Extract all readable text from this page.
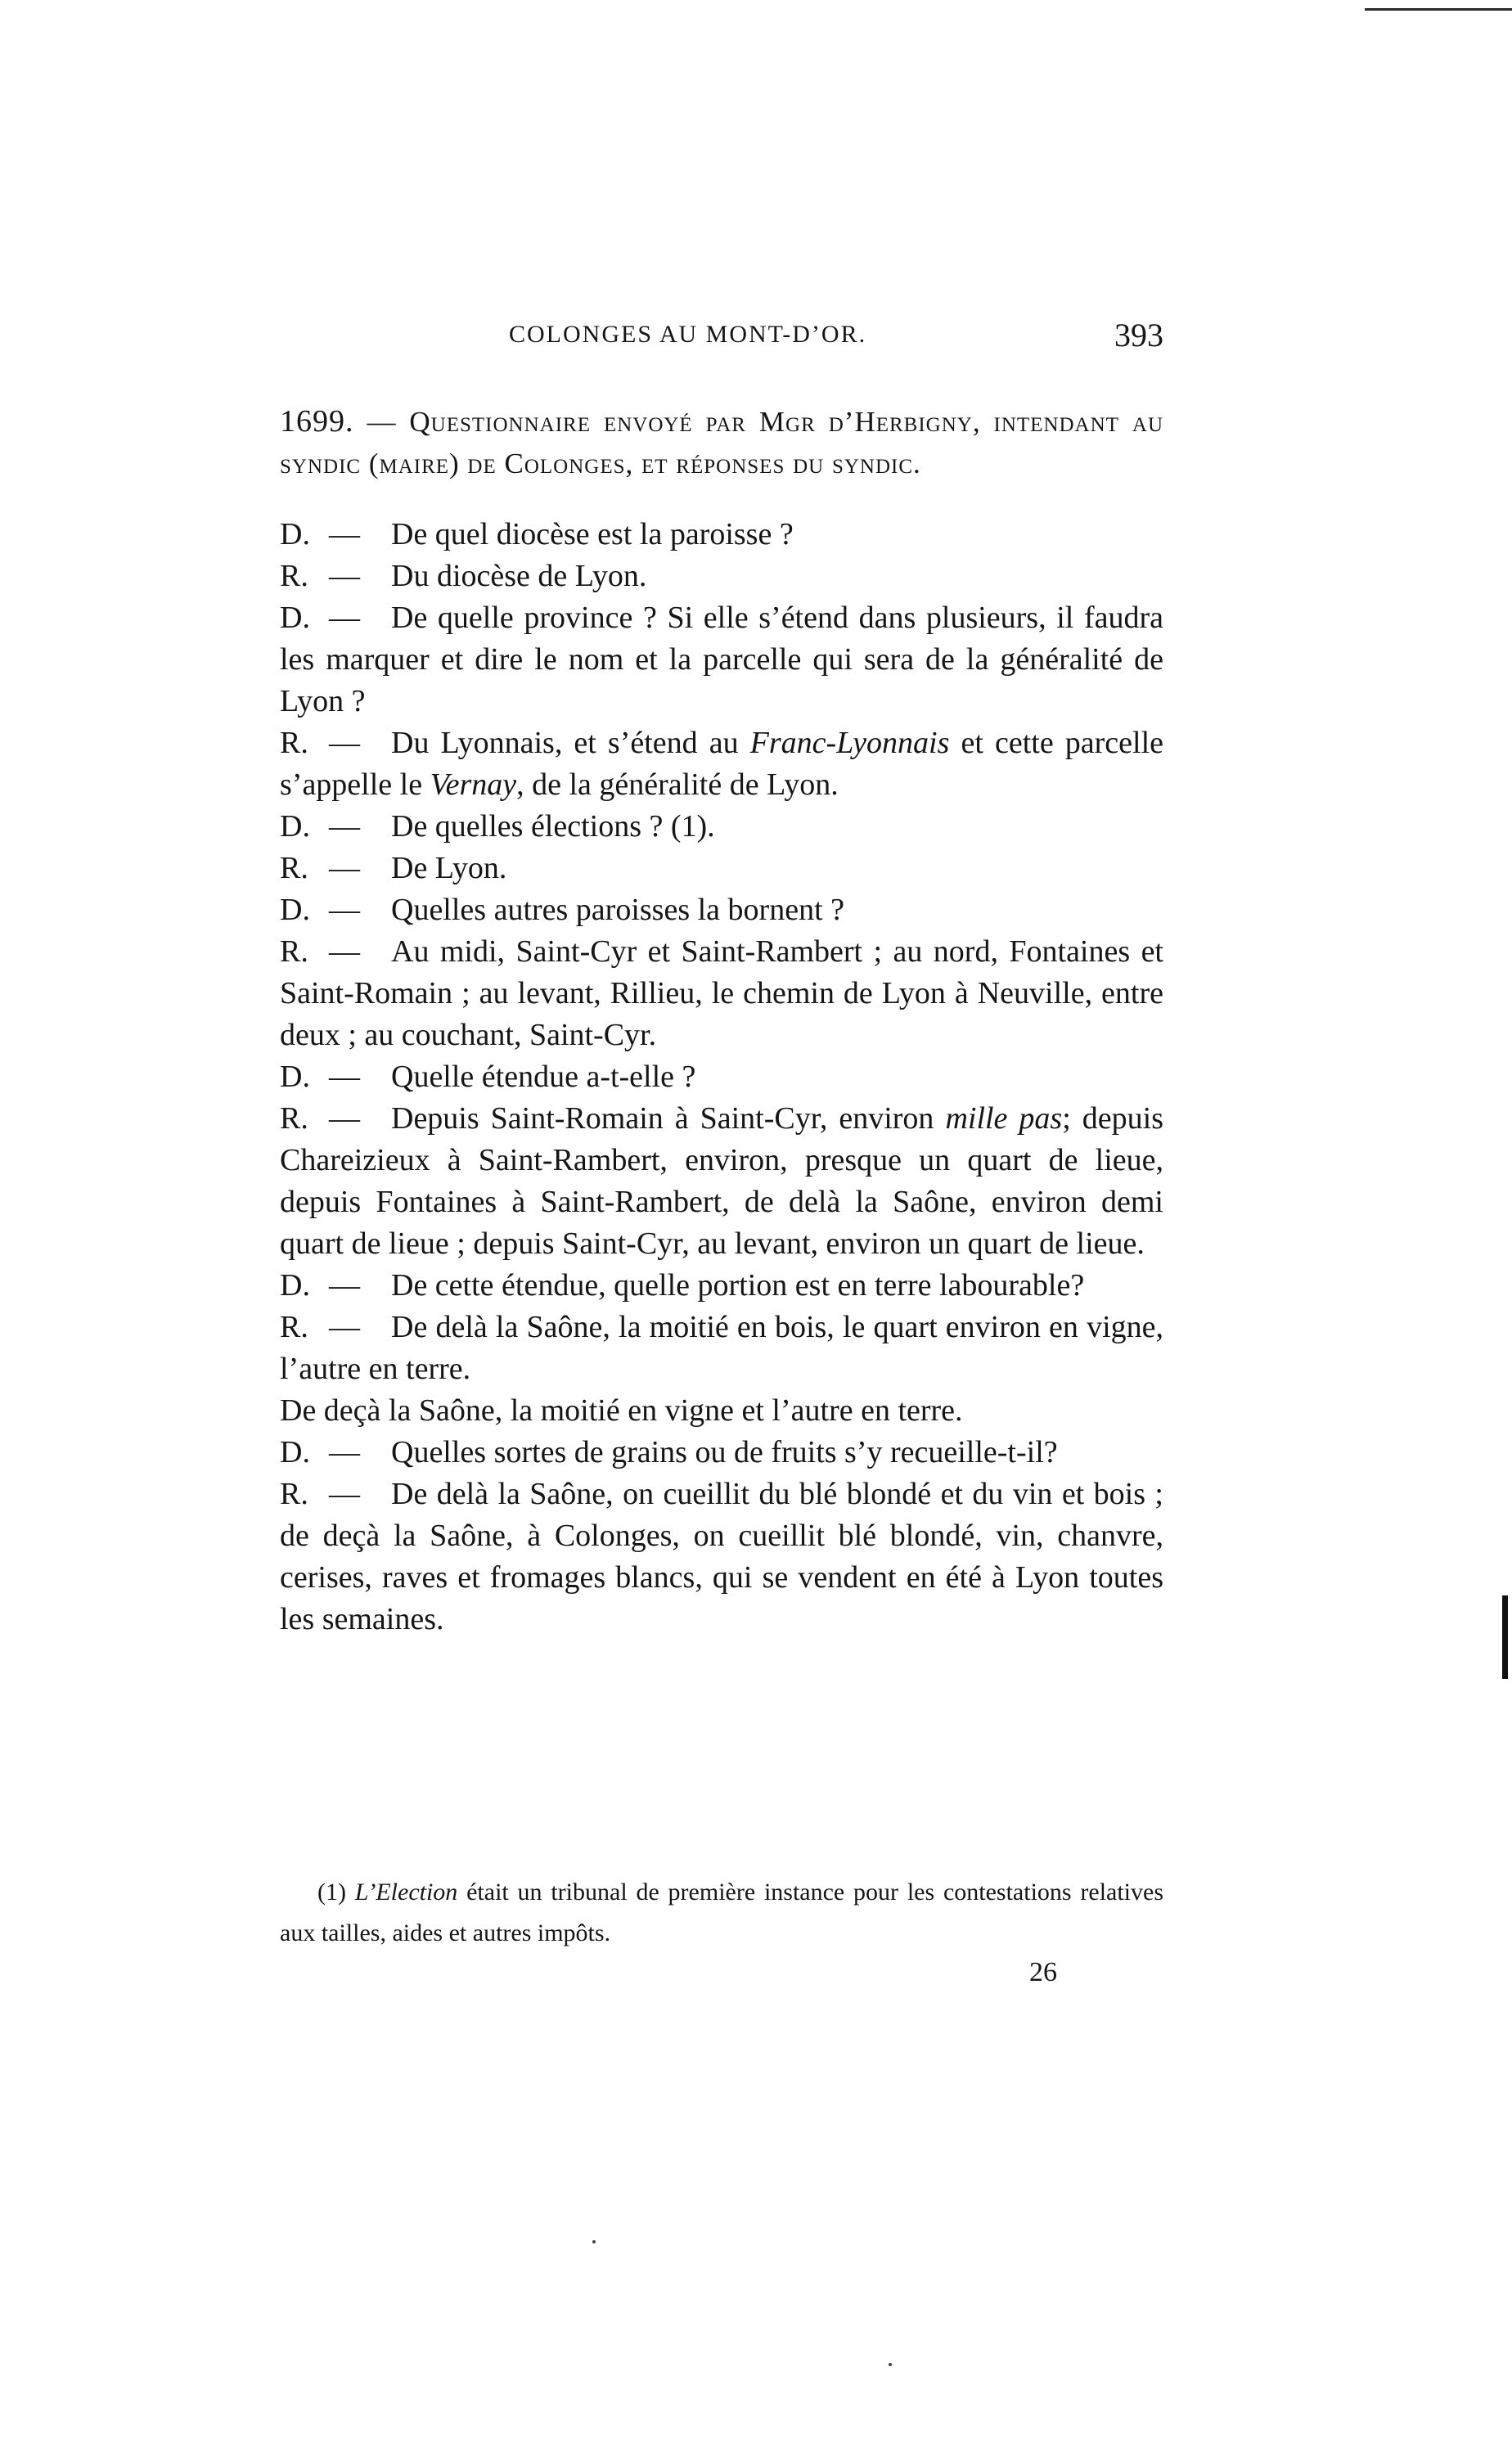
COLONGES AU MONT-D’OR.	393

1699. — Questionnaire envoyé par Mgr d’Herbigny, intendant au syndic (maire) de Colonges, et réponses du syndic.

D. — De quel diocèse est la paroisse ?

R. — Du diocèse de Lyon.

D. — De quelle province ? Si elle s’étend dans plusieurs, il faudra les marquer et dire le nom et la parcelle qui sera de la généralité de Lyon ?

R. — Du Lyonnais, et s’étend au Franc-Lyonnais et cette parcelle s’appelle le Vernay, de la généralité de Lyon.

D. — De quelles élections ? (1).

R. — De Lyon.

D. — Quelles autres paroisses la bornent ?

R. — Au midi, Saint-Cyr et Saint-Rambert ; au nord, Fontaines et Saint-Romain ; au levant, Rillieu, le chemin de Lyon à Neuville, entre deux ; au couchant, Saint-Cyr.

D. — Quelle étendue a-t-elle ?

R. — Depuis Saint-Romain à Saint-Cyr, environ mille pas; depuis Chareizieux à Saint-Rambert, environ, presque un quart de lieue, depuis Fontaines à Saint-Rambert, de delà la Saône, environ demi quart de lieue ; depuis Saint-Cyr, au levant, environ un quart de lieue.

D. — De cette étendue, quelle portion est en terre labourable?

R. — De delà la Saône, la moitié en bois, le quart environ en vigne, l’autre en terre.

De deçà la Saône, la moitié en vigne et l’autre en terre.

D. — Quelles sortes de grains ou de fruits s’y recueille-t-il?

R. — De delà la Saône, on cueillit du blé blondé et du vin et bois ; de deçà la Saône, à Colonges, on cueillit blé blondé, vin, chanvre, cerises, raves et fromages blancs, qui se vendent en été à Lyon toutes les semaines.

(1) L’Election était un tribunal de première instance pour les contestations relatives aux tailles, aides et autres impôts.
26
